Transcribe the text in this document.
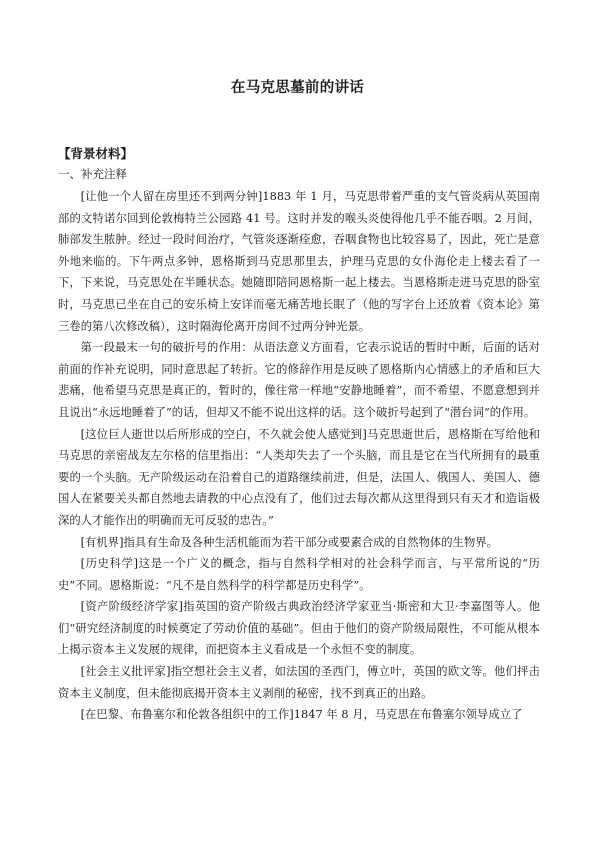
在马克思墓前的讲话

【背景材料】

一、补充注释

[让他一个人留在房里还不到两分钟]1883 年 1 月，马克思带着严重的支气管炎病从英国南部的文特诺尔回到伦敦梅特兰公园路 41 号。这时并发的喉头炎使得他几乎不能吞咽。2 月间，肺部发生脓肿。经过一段时间治疗，气管炎逐渐痊愈，吞咽食物也比较容易了，因此，死亡是意外地来临的。下午两点多钟，恩格斯到马克思那里去，护理马克思的女仆海伦走上楼去看了一下，下来说，马克思处在半睡状态。她随即陪同恩格斯一起上楼去。当恩格斯走进马克思的卧室时，马克思已坐在自己的安乐椅上安详而毫无痛苦地长眠了（他的写字台上还放着《资本论》第三卷的第八次修改稿），这时隔海伦离开房间不过两分钟光景。

第一段最末一句的破折号的作用：从语法意义方面看，它表示说话的暂时中断，后面的话对前面的作补充说明，同时意思起了转折。它的修辞作用是反映了恩格斯内心情感上的矛盾和巨大悲痛，他希望马克思是真正的，暂时的，像往常一样地“安静地睡着”，而不希望、不愿意想到并且说出“永远地睡着了”的话，但却又不能不说出这样的话。这个破折号起到了“潜台词”的作用。

[这位巨人逝世以后所形成的空白，不久就会使人感觉到]马克思逝世后，恩格斯在写给他和马克思的亲密战友左尔格的信里指出：“人类却失去了一个头脑，而且是它在当代所拥有的最重要的一个头脑。无产阶级运动在沿着自己的道路继续前进，但是，法国人、俄国人、美国人、德国人在紧要关头都自然地去请教的中心点没有了，他们过去每次都从这里得到只有天才和造诣极深的人才能作出的明确而无可反驳的忠告。”

[有机界]指具有生命及各种生活机能而为若干部分或要素合成的自然物体的生物界。

[历史科学]这是一个广义的概念，指与自然科学相对的社会科学而言，与平常所说的“历史”不同。恩格斯说：“凡不是自然科学的科学都是历史科学”。

[资产阶级经济学家]指英国的资产阶级古典政治经济学家亚当·斯密和大卫·李嘉图等人。他们“研究经济制度的时候奠定了劳动价值的基础”。但由于他们的资产阶级局限性，不可能从根本上揭示资本主义发展的规律，而把资本主义看成是一个永恒不变的制度。

[社会主义批评家]指空想社会主义者，如法国的圣西门，傅立叶，英国的欧文等。他们抨击资本主义制度，但未能彻底揭开资本主义剥削的秘密，找不到真正的出路。

[在巴黎、布鲁塞尔和伦敦各组织中的工作]1847 年 8 月，马克思在布鲁塞尔领导成立了
